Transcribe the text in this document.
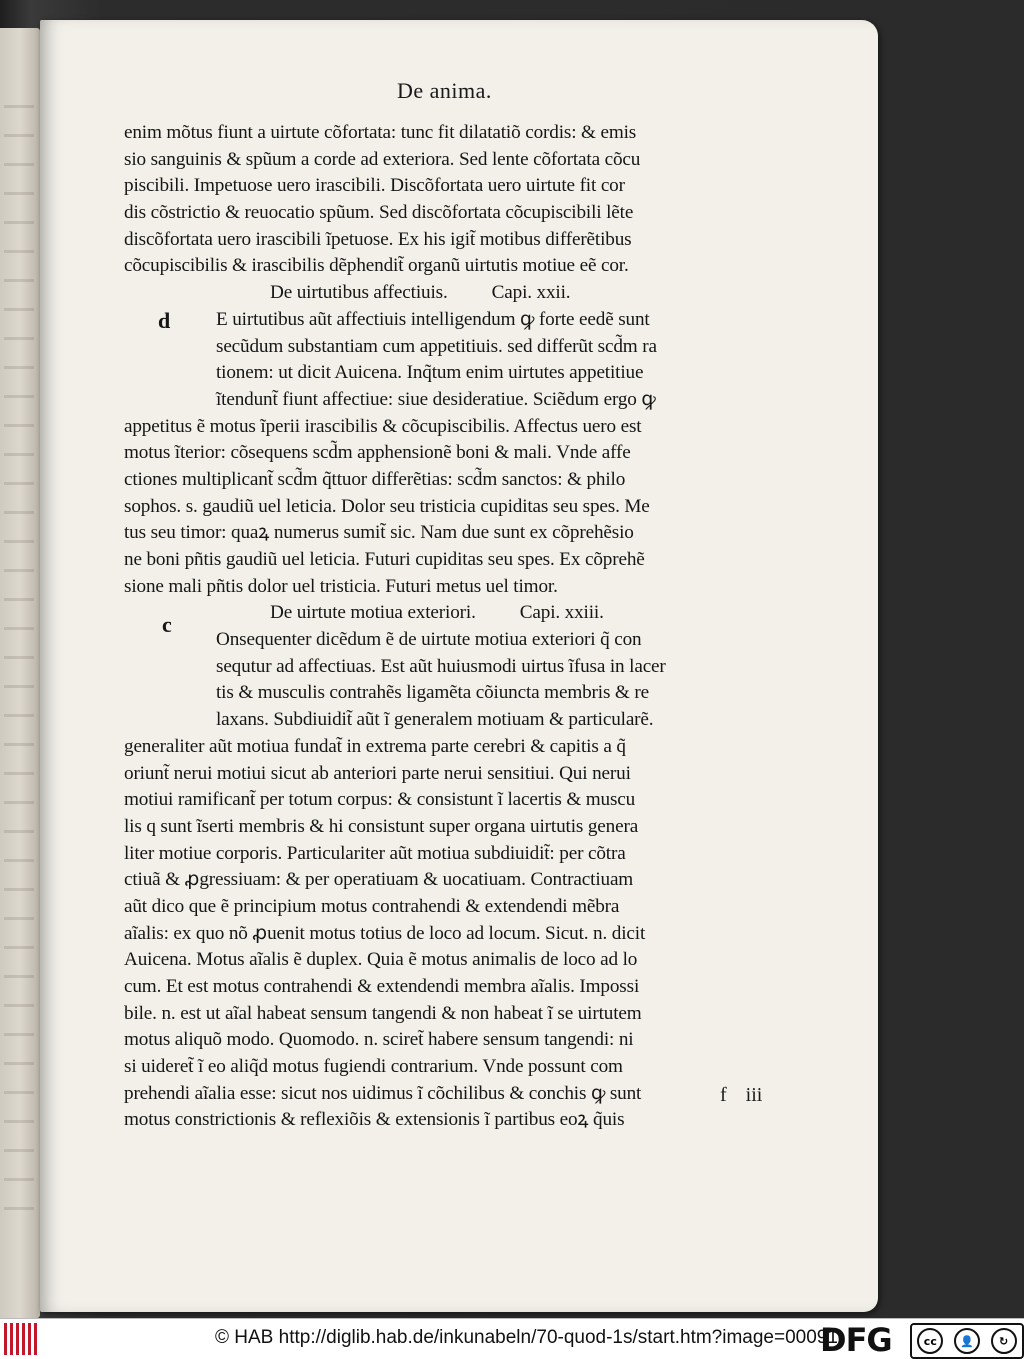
De anima.
d
c
enim mõtus fiunt a uirtute cõfortata: tunc fit dilatatiõ cordis: & emis
sio sanguinis & spũum a corde ad exteriora. Sed lente cõfortata cõcu
piscibili. Impetuose uero irascibili. Discõfortata uero uirtute fit cor
dis cõstrictio & reuocatio spũum. Sed discõfortata cõcupiscibili lẽte
discõfortata uero irascibili ĩpetuose. Ex his igit̃ motibus differẽtibus
cõcupiscibilis & irascibilis dẽphendit̃ organũ uirtutis motiue eẽ cor.
De uirtutibus affectiuis. Capi. xxii.
E uirtutibus aũt affectiuis intelligendum ꝙ forte eedẽ sunt
secũdum substantiam cum appetitiuis. sed differũt scd̃m ra
tionem: ut dicit Auicena. Inq̃tum enim uirtutes appetitiue
ĩtendunt̃ fiunt affectiue: siue desideratiue. Sciẽdum ergo ꝙ
appetitus ẽ motus ĩperii irascibilis & cõcupiscibilis. Affectus uero est
motus ĩterior: cõsequens scd̃m apphensionẽ boni & mali. Vnde affe
ctiones multiplicant̃ scd̃m q̃ttuor differẽtias: scd̃m sanctos: & philo
sophos. s. gaudiũ uel leticia. Dolor seu tristicia cupiditas seu spes. Me
tus seu timor: quaꝝ numerus sumit̃ sic. Nam due sunt ex cõprehẽsio
ne boni pñtis gaudiũ uel leticia. Futuri cupiditas seu spes. Ex cõprehẽ
sione mali pñtis dolor uel tristicia. Futuri metus uel timor.
De uirtute motiua exteriori. Capi. xxiii.
Onsequenter dicẽdum ẽ de uirtute motiua exteriori q̃ con
sequtur ad affectiuas. Est aũt huiusmodi uirtus ĩfusa in lacer
tis & musculis contrahẽs ligamẽta cõiuncta membris & re
laxans. Subdiuidit̃ aũt ĩ generalem motiuam & particularẽ.
generaliter aũt motiua fundat̃ in extrema parte cerebri & capitis a q̃
oriunt̃ nerui motiui sicut ab anteriori parte nerui sensitiui. Qui nerui
motiui ramificant̃ per totum corpus: & consistunt ĩ lacertis & muscu
lis q sunt ĩserti membris & hi consistunt super organa uirtutis genera
liter motiue corporis. Particulariter aũt motiua subdiuidit̃: per cõtra
ctiuã & ꝓgressiuam: & per operatiuam & uocatiuam. Contractiuam
aũt dico que ẽ principium motus contrahendi & extendendi mẽbra
aĩalis: ex quo nõ ꝓuenit motus totius de loco ad locum. Sicut. n. dicit
Auicena. Motus aĩalis ẽ duplex. Quia ẽ motus animalis de loco ad lo
cum. Et est motus contrahendi & extendendi membra aĩalis. Impossi
bile. n. est ut aĩal habeat sensum tangendi & non habeat ĩ se uirtutem
motus aliquõ modo. Quomodo. n. sciret̃ habere sensum tangendi: ni
si uideret̃ ĩ eo aliq̃d motus fugiendi contrarium. Vnde possunt com
prehendi aĩalia esse: sicut nos uidimus ĩ cõchilibus & conchis ꝙ sunt
motus constrictionis & reflexiõis & extensionis ĩ partibus eoꝝ q̃uis
f iii
© HAB http://diglib.hab.de/inkunabeln/70-quod-1s/start.htm?image=00091
DFG	cc	👤	↻
